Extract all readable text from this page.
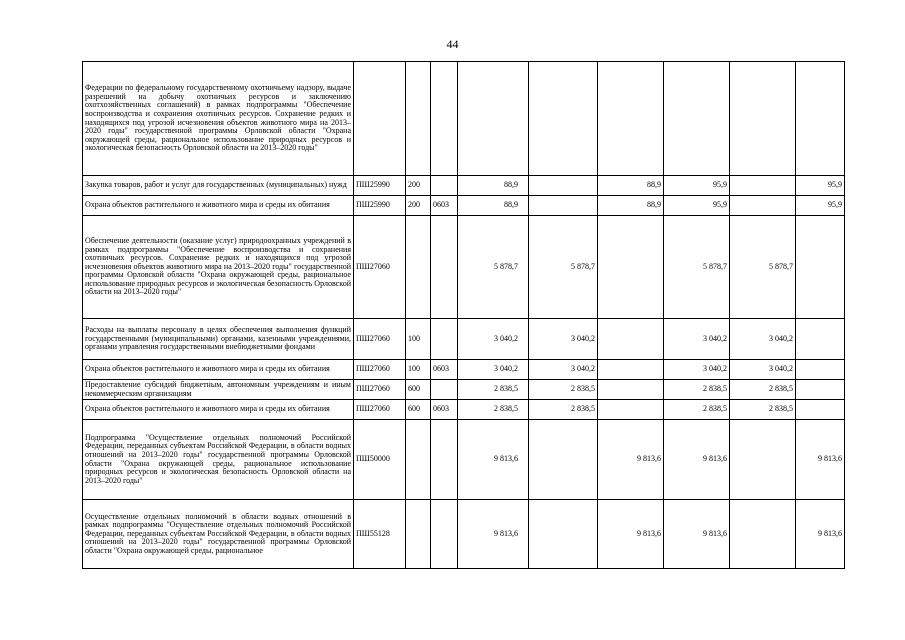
44
Федерации по федеральному государственному охотничьему надзору, выдаче разрешений на добычу охотничьих ресурсов и заключению охотхозяйственных соглашений) в рамках подпрограммы "Обеспечение воспроизводства и сохранения охотничьих ресурсов. Сохранение редких и находящихся под угрозой исчезновения объектов животного мира на 2013–2020 годы" государственной программы Орловской области "Охрана окружающей среды, рациональное использование природных ресурсов и экологическая безопасность Орловской области на 2013–2020 годы"									
Закупка товаров, работ и услуг для государственных (муниципальных) нужд	ПШ25990	200		88,9		88,9	95,9		95,9
Охрана объектов растительного и животного мира и среды их обитания	ПШ25990	200	0603	88,9		88,9	95,9		95,9
Обеспечение деятельности (оказание услуг) природоохранных учреждений в рамках подпрограммы "Обеспечение воспроизводства и сохранения охотничьих ресурсов. Сохранение редких и находящихся под угрозой исчезновения объектов животного мира на 2013–2020 годы" государственной программы Орловской области "Охрана окружающей среды, рациональное использование природных ресурсов и экологическая безопасность Орловской области на 2013–2020 годы"	ПШ27060			5 878,7	5 878,7		5 878,7	5 878,7	
Расходы на выплаты персоналу в целях обеспечения выполнения функций государственными (муниципальными) органами, казенными учреждениями, органами управления государственными внебюджетными фондами	ПШ27060	100		3 040,2	3 040,2		3 040,2	3 040,2	
Охрана объектов растительного и животного мира и среды их обитания	ПШ27060	100	0603	3 040,2	3 040,2		3 040,2	3 040,2	
Предоставление субсидий бюджетным, автономным учреждениям и иным некоммерческим организациям	ПШ27060	600		2 838,5	2 838,5		2 838,5	2 838,5	
Охрана объектов растительного и животного мира и среды их обитания	ПШ27060	600	0603	2 838,5	2 838,5		2 838,5	2 838,5	
Подпрограмма "Осуществление отдельных полномочий Российской Федерации, переданных субъектам Российской Федерации, в области водных отношений на 2013–2020 годы" государственной программы Орловской области "Охрана окружающей среды, рациональное использование природных ресурсов и экологическая безопасность Орловской области на 2013–2020 годы"	ПШ50000			9 813,6		9 813,6	9 813,6		9 813,6
Осуществление отдельных полномочий в области водных отношений в рамках подпрограммы "Осуществление отдельных полномочий Российской Федерации, переданных субъектам Российской Федерации, в области водных отношений на 2013–2020 годы" государственной программы Орловской области "Охрана окружающей среды, рациональное	ПШ55128			9 813,6		9 813,6	9 813,6		9 813,6
